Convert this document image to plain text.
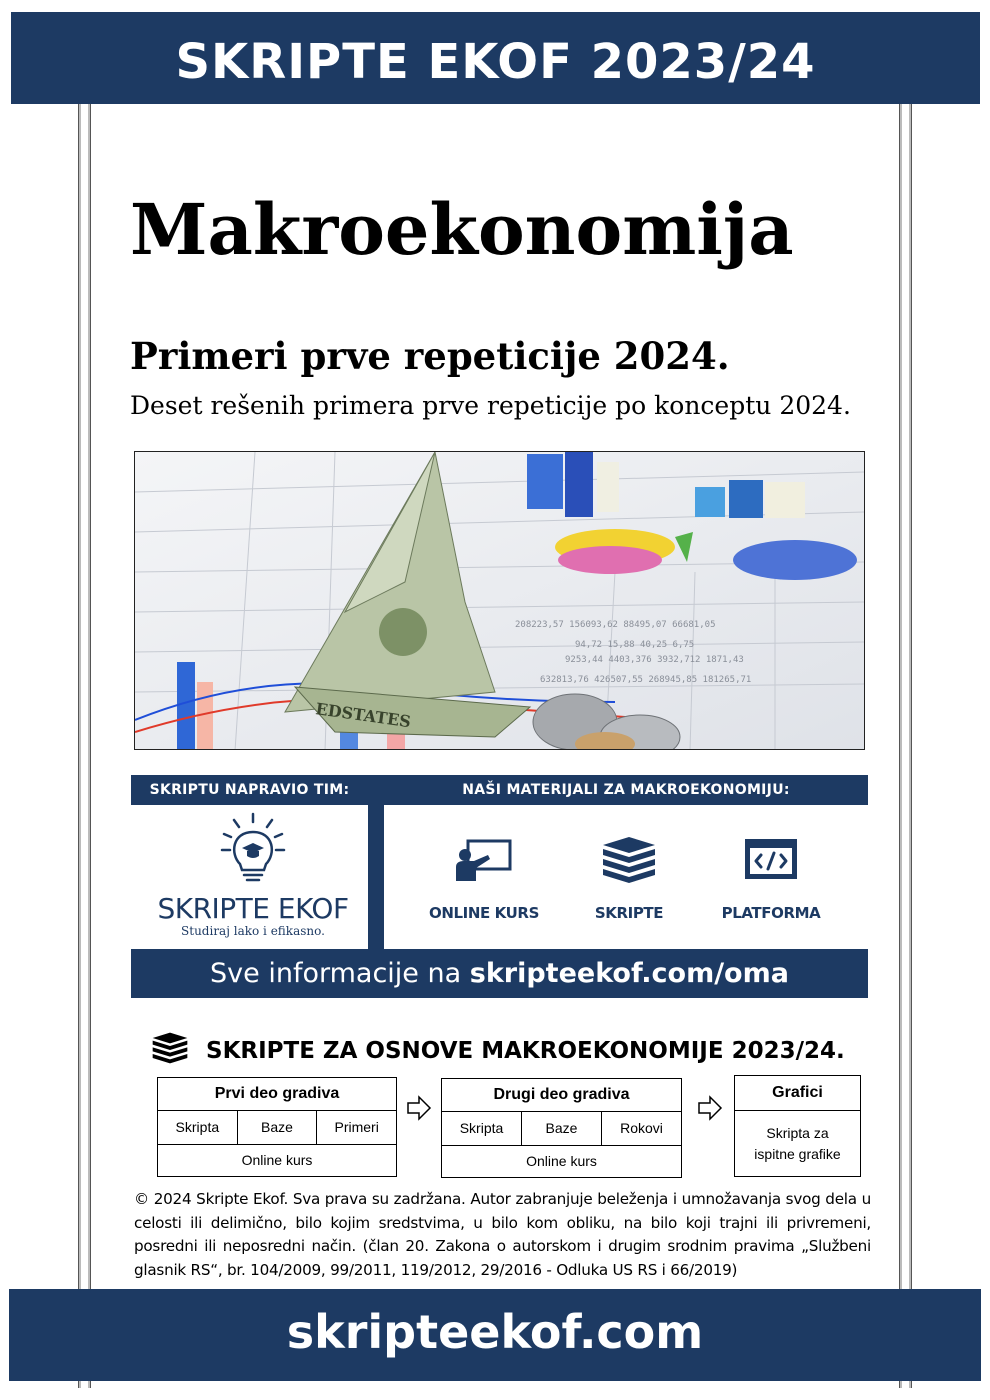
SKRIPTE EKOF 2023/24
Makroekonomija
Primeri prve repeticije 2024.
Deset rešenih primera prve repeticije po konceptu 2024.
208223,57 156093,62 88495,07 66681,05
94,72 15,88 40,25 6,75
9253,44 4403,376 3932,712 1871,43
632813,76 426507,55 268945,85 181265,71
EDSTATES
SKRIPTU NAPRAVIO TIM:	NAŠI MATERIJALI ZA MAKROEKONOMIJU:
SKRIPTE EKOF
Studiraj lako i efikasno.
ONLINE KURS	SKRIPTE	PLATFORMA
Sve informacije na skripteekof.com/oma
SKRIPTE ZA OSNOVE MAKROEKONOMIJE 2023/24.
Prvi deo gradiva
Skripta	Baze	Primeri
Online kurs
Drugi deo gradiva
Skripta	Baze	Rokovi
Online kurs
Grafici
Skripta za ispitne grafike
© 2024 Skripte Ekof. Sva prava su zadržana. Autor zabranjuje beleženja i umnožavanja svog dela u celosti ili delimično, bilo kojim sredstvima, u bilo kom obliku, na bilo koji trajni ili privremeni, posredni ili neposredni način. (član 20. Zakona o autorskom i drugim srodnim pravima „Službeni glasnik RS“, br. 104/2009, 99/2011, 119/2012, 29/2016 - Odluka US RS i 66/2019)
skripteekof.com
